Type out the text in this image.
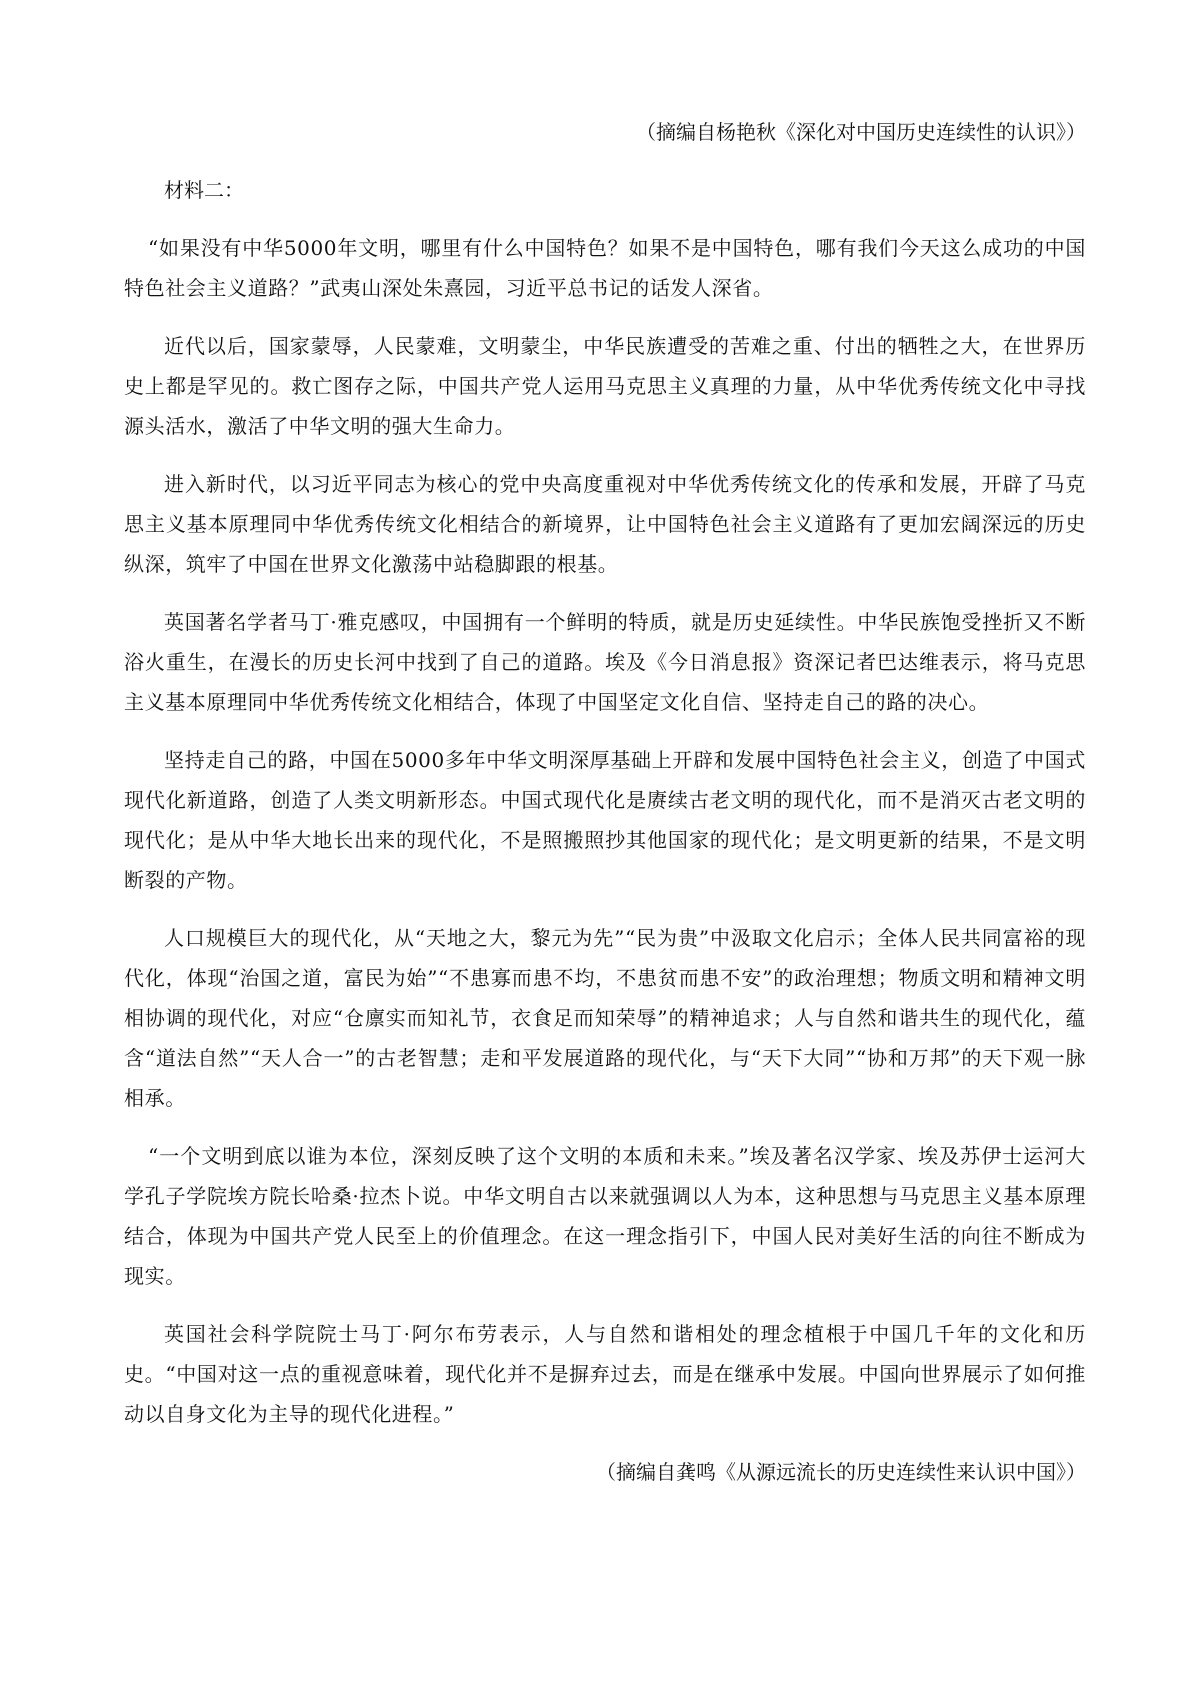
（摘编自杨艳秋《深化对中国历史连续性的认识》）

材料二：

“如果没有中华5000年文明，哪里有什么中国特色？如果不是中国特色，哪有我们今天这么成功的中国特色社会主义道路？”武夷山深处朱熹园，习近平总书记的话发人深省。

近代以后，国家蒙辱，人民蒙难，文明蒙尘，中华民族遭受的苦难之重、付出的牺牲之大，在世界历史上都是罕见的。救亡图存之际，中国共产党人运用马克思主义真理的力量，从中华优秀传统文化中寻找源头活水，激活了中华文明的强大生命力。

进入新时代，以习近平同志为核心的党中央高度重视对中华优秀传统文化的传承和发展，开辟了马克思主义基本原理同中华优秀传统文化相结合的新境界，让中国特色社会主义道路有了更加宏阔深远的历史纵深，筑牢了中国在世界文化激荡中站稳脚跟的根基。

英国著名学者马丁·雅克感叹，中国拥有一个鲜明的特质，就是历史延续性。中华民族饱受挫折又不断浴火重生，在漫长的历史长河中找到了自己的道路。埃及《今日消息报》资深记者巴达维表示，将马克思主义基本原理同中华优秀传统文化相结合，体现了中国坚定文化自信、坚持走自己的路的决心。

坚持走自己的路，中国在5000多年中华文明深厚基础上开辟和发展中国特色社会主义，创造了中国式现代化新道路，创造了人类文明新形态。中国式现代化是赓续古老文明的现代化，而不是消灭古老文明的现代化；是从中华大地长出来的现代化，不是照搬照抄其他国家的现代化；是文明更新的结果，不是文明断裂的产物。

人口规模巨大的现代化，从“天地之大，黎元为先”“民为贵”中汲取文化启示；全体人民共同富裕的现代化，体现“治国之道，富民为始”“不患寡而患不均，不患贫而患不安”的政治理想；物质文明和精神文明相协调的现代化，对应“仓廪实而知礼节，衣食足而知荣辱”的精神追求；人与自然和谐共生的现代化，蕴含“道法自然”“天人合一”的古老智慧；走和平发展道路的现代化，与“天下大同”“协和万邦”的天下观一脉相承。

“一个文明到底以谁为本位，深刻反映了这个文明的本质和未来。”埃及著名汉学家、埃及苏伊士运河大学孔子学院埃方院长哈桑·拉杰卜说。中华文明自古以来就强调以人为本，这种思想与马克思主义基本原理结合，体现为中国共产党人民至上的价值理念。在这一理念指引下，中国人民对美好生活的向往不断成为现实。

英国社会科学院院士马丁·阿尔布劳表示，人与自然和谐相处的理念植根于中国几千年的文化和历史。“中国对这一点的重视意味着，现代化并不是摒弃过去，而是在继承中发展。中国向世界展示了如何推动以自身文化为主导的现代化进程。”

（摘编自龚鸣《从源远流长的历史连续性来认识中国》）
